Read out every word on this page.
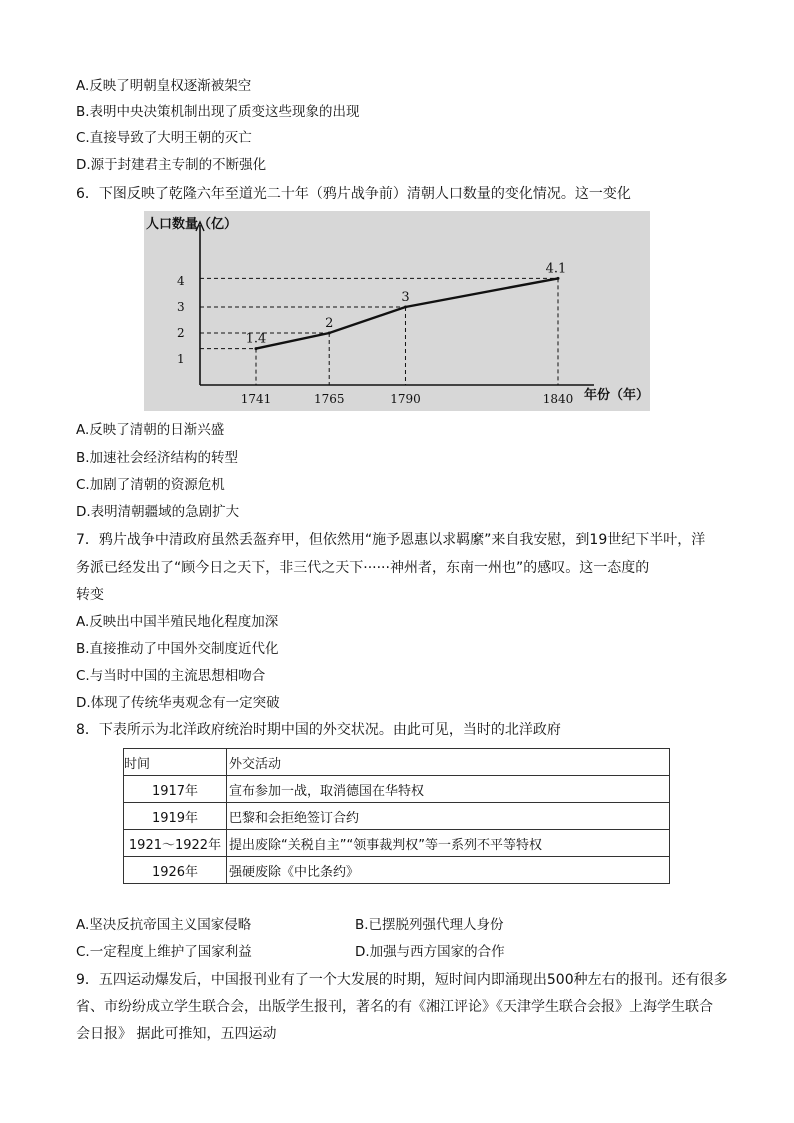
A.反映了明朝皇权逐渐被架空
B.表明中央决策机制出现了质变这些现象的出现
C.直接导致了大明王朝的灭亡
D.源于封建君主专制的不断强化
6．下图反映了乾隆六年至道光二十年（鸦片战争前）清朝人口数量的变化情况。这一变化
人口数量（亿）
年份（年）
1
2
3
4
1741
1.4
1765
2
1790
3
1840
4.1
A.反映了清朝的日渐兴盛
B.加速社会经济结构的转型
C.加剧了清朝的资源危机
D.表明清朝疆域的急剧扩大
7．鸦片战争中清政府虽然丢盔弃甲，但依然用“施予恩惠以求羁縻”来自我安慰，到19世纪下半叶，洋
务派已经发出了“顾今日之天下，非三代之天下······神州者，东南一州也”的感叹。这一态度的
转变
A.反映出中国半殖民地化程度加深
B.直接推动了中国外交制度近代化
C.与当时中国的主流思想相吻合
D.体现了传统华夷观念有一定突破
8．下表所示为北洋政府统治时期中国的外交状况。由此可见，当时的北洋政府
时间	外交活动
1917年	宣布参加一战，取消德国在华特权
1919年	巴黎和会拒绝签订合约
1921～1922年	提出废除“关税自主”“领事裁判权”等一系列不平等特权
1926年	强硬废除《中比条约》
A.坚决反抗帝国主义国家侵略	B.已摆脱列强代理人身份
C.一定程度上维护了国家利益	D.加强与西方国家的合作
9．五四运动爆发后，中国报刊业有了一个大发展的时期，短时间内即涌现出500种左右的报刊。还有很多
省、市纷纷成立学生联合会，出版学生报刊，著名的有《湘江评论》《天津学生联合会报》上海学生联合
会日报》 据此可推知，五四运动
